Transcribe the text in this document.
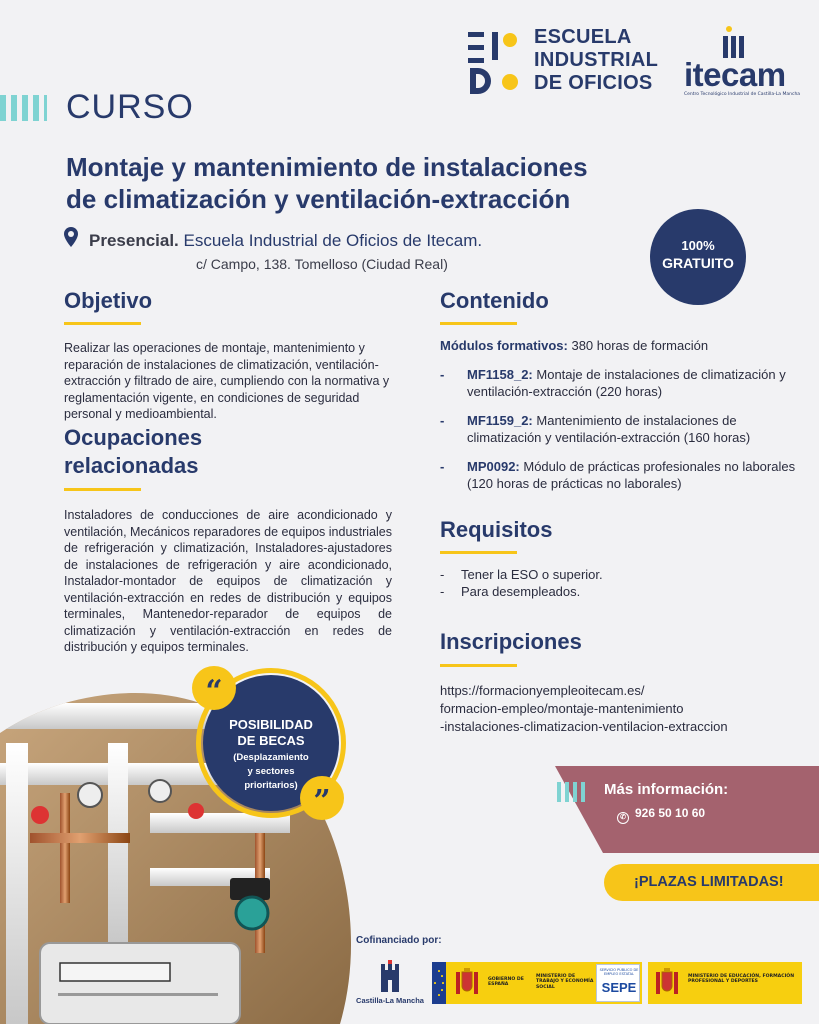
ESCUELA
INDUSTRIAL
DE OFICIOS itecam
Centro Tecnológico Industrial de Castilla-La Mancha
CURSO
Montaje y mantenimiento de instalaciones
de climatización y ventilación-extracción
Presencial. Escuela Industrial de Oficios de Itecam.
c/ Campo, 138. Tomelloso (Ciudad Real)
100%
GRATUITO
Objetivo

Realizar las operaciones de montaje, mantenimiento y reparación de instalaciones de climatización, ventilación-extracción y filtrado de aire, cumpliendo con la normativa y reglamentación vigente, en condiciones de seguridad personal y medioambiental.

Ocupaciones relacionadas

Instaladores de conducciones de aire acondicionado y ventilación, Mecánicos reparadores de equipos industriales de refrigeración y climatización, Instaladores-ajustadores de instalaciones de refrigeración y aire acondicionado, Instalador-montador de equipos de climatización y ventilación-extracción en redes de distribución y equipos terminales, Mantenedor-reparador de equipos de climatización y ventilación-extracción en redes de distribución y equipos terminales.

Contenido
Módulos formativos: 380 horas de formación
- MF1158_2: Montaje de instalaciones de climatización y ventilación-extracción (220 horas)
- MF1159_2: Mantenimiento de instalaciones de climatización y ventilación-extracción (160 horas)
- MP0092: Módulo de prácticas profesionales no laborales (120 horas de prácticas no laborales)
Requisitos
- Tener la ESO o superior.
- Para desempleados.
Inscripciones
https://formacionyempleoitecam.es/
formacion-empleo/montaje-mantenimiento
-instalaciones-climatizacion-ventilacion-extraccion
POSIBILIDAD
DE BECAS
(Desplazamiento
y sectores
prioritarios)
“
”	Más información:
✆ 926 50 10 60
¡PLAZAS LIMITADAS!
Cofinanciado por:
Castilla-La Mancha
GOBIERNO DE ESPAÑA
MINISTERIO DE TRABAJO Y ECONOMÍA SOCIAL
SERVICIO PÚBLICO DE EMPLEO ESTATAL
SEPE
MINISTERIO DE EDUCACIÓN, FORMACIÓN PROFESIONAL Y DEPORTES
